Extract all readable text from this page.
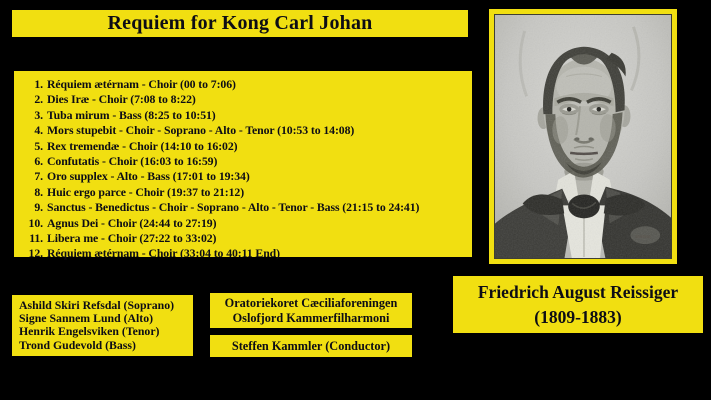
Requiem for Kong Carl Johan
1. Réquiem ætérnam - Choir (00 to 7:06)
2. Dies Iræ - Choir (7:08 to 8:22)
3. Tuba mirum - Bass (8:25 to 10:51)
4. Mors stupebit - Choir - Soprano - Alto - Tenor (10:53 to 14:08)
5. Rex tremendæ - Choir (14:10 to 16:02)
6. Confutatis - Choir (16:03 to 16:59)
7. Oro supplex - Alto - Bass (17:01 to 19:34)
8. Huic ergo parce - Choir (19:37 to 21:12)
9. Sanctus - Benedictus - Choir - Soprano - Alto - Tenor - Bass (21:15 to 24:41)
10. Agnus Dei - Choir (24:44 to 27:19)
11. Libera me - Choir (27:22 to 33:02)
12. Réquiem ætérnam - Choir (33:04 to 40:11 End)
Friedrich August Reissiger
(1809-1883)
Ashild Skiri Refsdal (Soprano)
Signe Sannem Lund (Alto)
Henrik Engelsviken (Tenor)
Trond Gudevold (Bass)
Oratoriekoret Cæciliaforeningen
Oslofjord Kammerfilharmoni
Steffen Kammler (Conductor)
